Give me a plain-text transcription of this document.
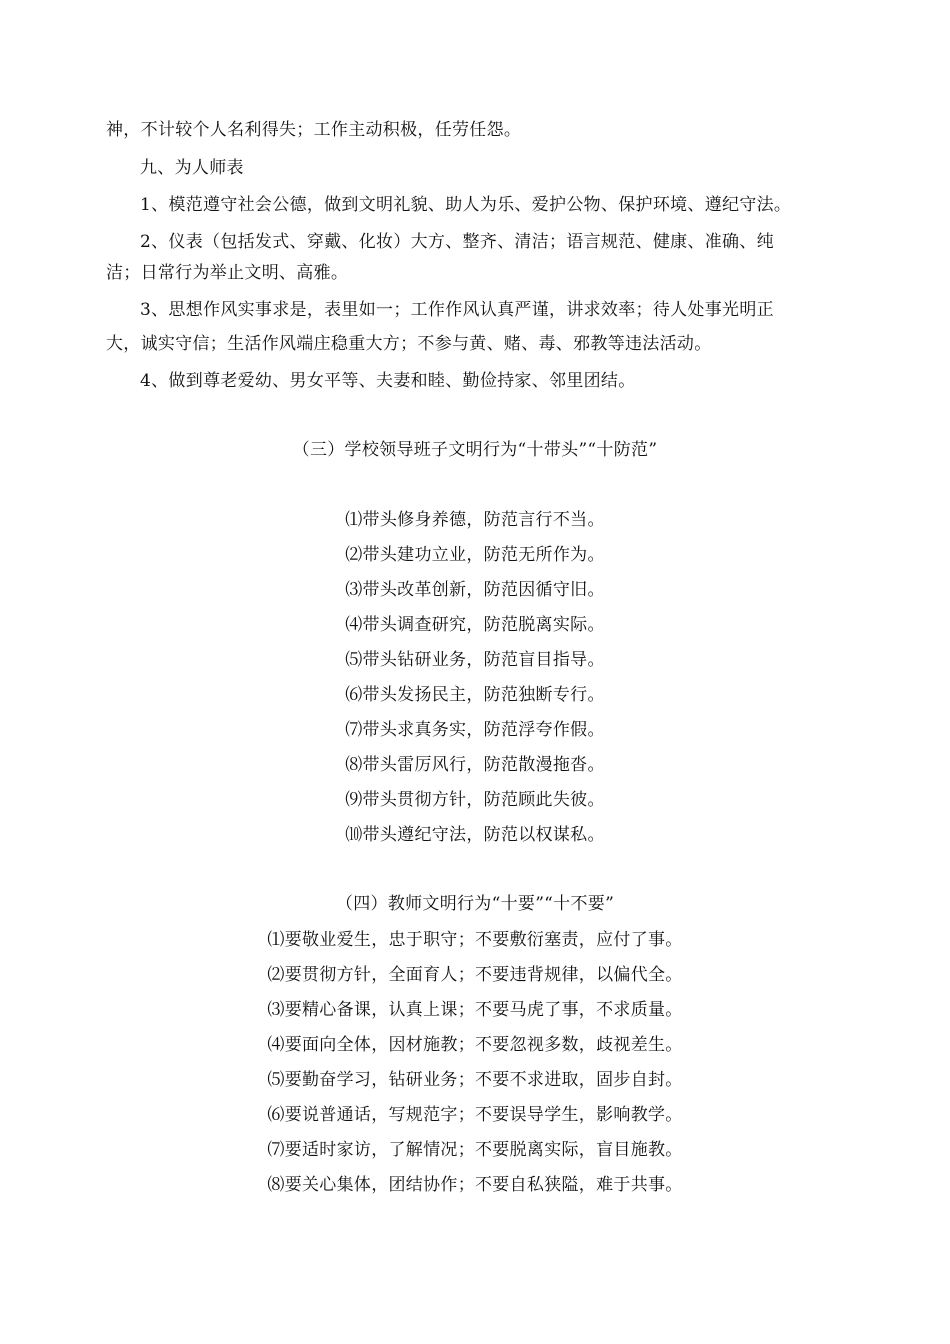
神，不计较个人名利得失；工作主动积极，任劳任怨。
九、为人师表
1、模范遵守社会公德，做到文明礼貌、助人为乐、爱护公物、保护环境、遵纪守法。
2、仪表（包括发式、穿戴、化妆）大方、整齐、清洁；语言规范、健康、准确、纯
洁；日常行为举止文明、高雅。
3、思想作风实事求是，表里如一；工作作风认真严谨，讲求效率；待人处事光明正
大，诚实守信；生活作风端庄稳重大方；不参与黄、赌、毒、邪教等违法活动。
4、做到尊老爱幼、男女平等、夫妻和睦、勤俭持家、邻里团结。
（三）学校领导班子文明行为“十带头”“十防范”
⑴带头修身养德，防范言行不当。
⑵带头建功立业，防范无所作为。
⑶带头改革创新，防范因循守旧。
⑷带头调查研究，防范脱离实际。
⑸带头钻研业务，防范盲目指导。
⑹带头发扬民主，防范独断专行。
⑺带头求真务实，防范浮夸作假。
⑻带头雷厉风行，防范散漫拖沓。
⑼带头贯彻方针，防范顾此失彼。
⑽带头遵纪守法，防范以权谋私。
（四）教师文明行为“十要”“十不要”
⑴要敬业爱生，忠于职守；不要敷衍塞责，应付了事。
⑵要贯彻方针，全面育人；不要违背规律，以偏代全。
⑶要精心备课，认真上课；不要马虎了事，不求质量。
⑷要面向全体，因材施教；不要忽视多数，歧视差生。
⑸要勤奋学习，钻研业务；不要不求进取，固步自封。
⑹要说普通话，写规范字；不要误导学生，影响教学。
⑺要适时家访，了解情况；不要脱离实际，盲目施教。
⑻要关心集体，团结协作；不要自私狭隘，难于共事。
